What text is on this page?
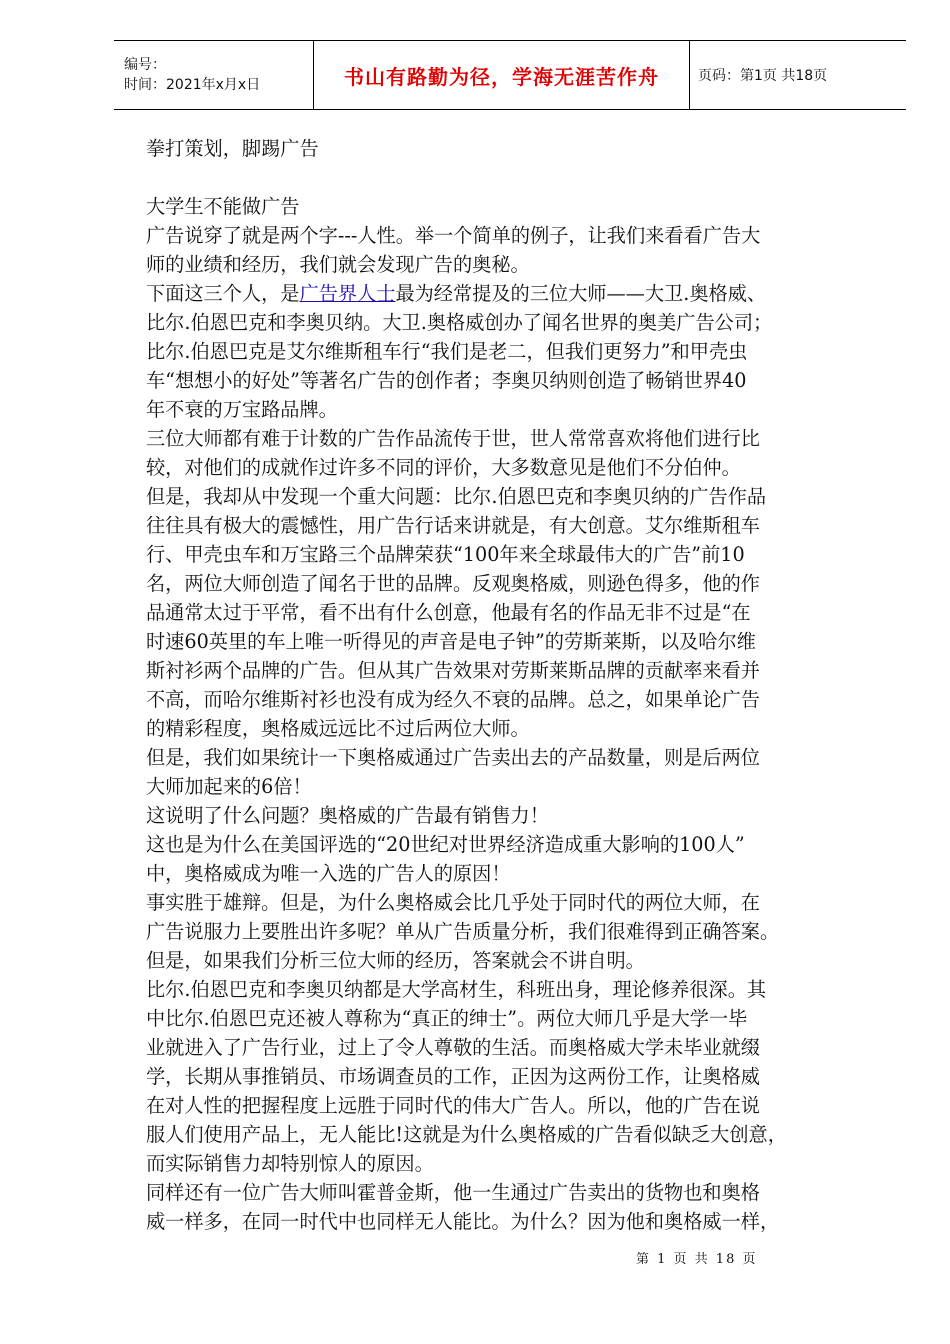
编号：
时间：2021年x月x日	书山有路勤为径，学海无涯苦作舟	页码：第1页 共18页

拳打策划，脚踢广告

大学生不能做广告

广告说穿了就是两个字---人性。举一个简单的例子，让我们来看看广告大

师的业绩和经历，我们就会发现广告的奥秘。

下面这三个人，是广告界人士最为经常提及的三位大师——大卫.奥格威、

比尔.伯恩巴克和李奥贝纳。大卫.奥格威创办了闻名世界的奥美广告公司；

比尔.伯恩巴克是艾尔维斯租车行“我们是老二，但我们更努力”和甲壳虫

车“想想小的好处”等著名广告的创作者；李奥贝纳则创造了畅销世界40

年不衰的万宝路品牌。

三位大师都有难于计数的广告作品流传于世，世人常常喜欢将他们进行比

较，对他们的成就作过许多不同的评价，大多数意见是他们不分伯仲。

但是，我却从中发现一个重大问题：比尔.伯恩巴克和李奥贝纳的广告作品

往往具有极大的震憾性，用广告行话来讲就是，有大创意。艾尔维斯租车

行、甲壳虫车和万宝路三个品牌荣获“100年来全球最伟大的广告”前10

名，两位大师创造了闻名于世的品牌。反观奥格威，则逊色得多，他的作

品通常太过于平常，看不出有什么创意，他最有名的作品无非不过是“在

时速60英里的车上唯一听得见的声音是电子钟”的劳斯莱斯，以及哈尔维

斯衬衫两个品牌的广告。但从其广告效果对劳斯莱斯品牌的贡献率来看并

不高，而哈尔维斯衬衫也没有成为经久不衰的品牌。总之，如果单论广告

的精彩程度，奥格威远远比不过后两位大师。

但是，我们如果统计一下奥格威通过广告卖出去的产品数量，则是后两位

大师加起来的6倍！

这说明了什么问题？奥格威的广告最有销售力！

这也是为什么在美国评选的“20世纪对世界经济造成重大影响的100人”

中，奥格威成为唯一入选的广告人的原因！

事实胜于雄辩。但是，为什么奥格威会比几乎处于同时代的两位大师，在

广告说服力上要胜出许多呢？单从广告质量分析，我们很难得到正确答案。

但是，如果我们分析三位大师的经历，答案就会不讲自明。

比尔.伯恩巴克和李奥贝纳都是大学高材生，科班出身，理论修养很深。其

中比尔.伯恩巴克还被人尊称为“真正的绅士”。两位大师几乎是大学一毕

业就进入了广告行业，过上了令人尊敬的生活。而奥格威大学未毕业就缀

学，长期从事推销员、市场调查员的工作，正因为这两份工作，让奥格威

在对人性的把握程度上远胜于同时代的伟大广告人。所以，他的广告在说

服人们使用产品上，无人能比!这就是为什么奥格威的广告看似缺乏大创意，

而实际销售力却特别惊人的原因。

同样还有一位广告大师叫霍普金斯，他一生通过广告卖出的货物也和奥格

威一样多，在同一时代中也同样无人能比。为什么？因为他和奥格威一样，

第 1 页 共 18 页
